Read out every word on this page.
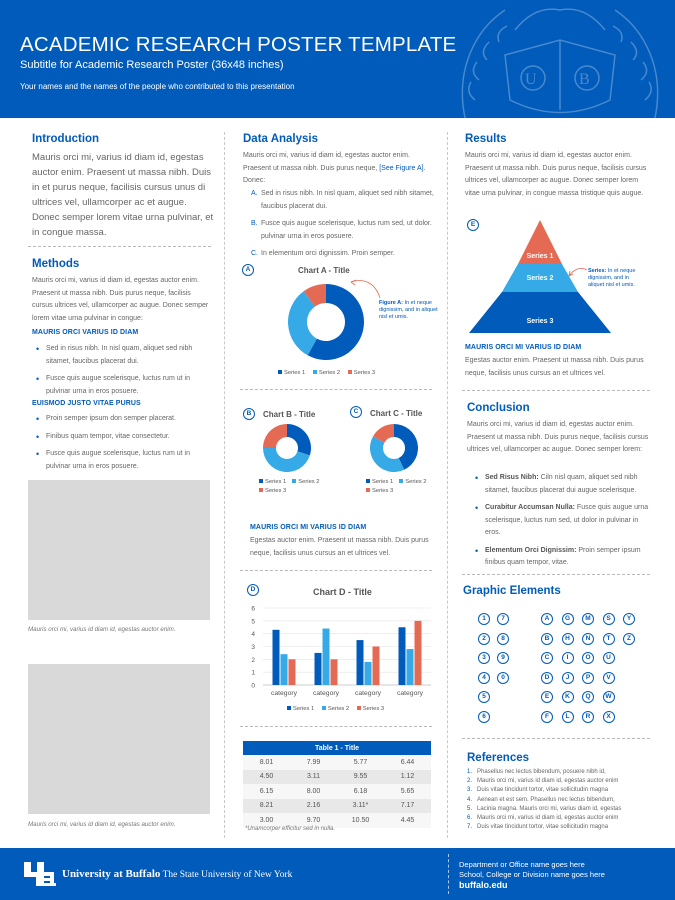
U	B
ACADEMIC RESEARCH POSTER TEMPLATE
Subtitle for Academic Research Poster (36x48 inches)
Your names and the names of the people who contributed to this presentation
Introduction

Mauris orci mi, varius id diam id, egestas auctor enim. Praesent ut massa nibh. Duis in et purus neque, facilisis cursus unus di ultrices vel, ullamcorper ac et augue. Donec semper lorem vitae urna pulvinar, et in congue massa.

Methods

Mauris orci mi, varius id diam id, egestas auctor enim. Praesent ut massa nibh. Duis purus neque, facilisis cursus ultrices vel, ullamcorper ac augue. Donec semper lorem vitae urna pulvinar in congue:

MAURIS ORCI VARIUS ID DIAM
• Sed in risus nibh. In nisl quam, aliquet sed nibh sitamet, faucibus placerat dui.
• Fusce quis augue scelerisque, luctus rum ut in pulvinar urna in eros posuere.
EUISMOD JUSTO VITAE PURUS
• Proin semper ipsum don semper placerat.
• Finibus quam tempor, vitae consectetur.
• Fusce quis augue scelerisque, luctus rum ut in pulvinar urna in eros posuere.
Mauris orci mi, varius id diam id, egestas auctor enim.
Mauris orci mi, varius id diam id, egestas auctor enim.
Data Analysis

Mauris orci mi, varius id diam id, egestas auctor enim. Praesent ut massa nibh. Duis purus neque, [See Figure A]. Donec:

A. Sed in risus nibh. In nisl quam, aliquet sed nibh sitamet, faucibus placerat dui.
B. Fusce quis augue scelerisque, luctus rum sed, ut dolor. pulvinar urna in eros posuere.
C. In elementum orci dignissim. Proin semper.
A	Chart A - Title
Figure A: In et neque dignissim, and in aliquet nisl et umis.
Series 1 Series 2 Series 3
B	Chart B - Title
Series 1 Series 2
Series 3
C	Chart C - Title
Series 1 Series 2
Series 3
MAURIS ORCI MI VARIUS ID DIAM

Egestas auctor enim. Praesent ut massa nibh. Duis purus neque, facilisis unus cursus an et ultrices vel.

D	Chart D - Title
0
1
2
3
4
5
6
category category category category
Series 1 Series 2 Series 3
Table 1 - Title			
8.01	7.99	5.77	6.44
4.50	3.11	9.55	1.12
6.15	8.00	6.18	5.65
8.21	2.16	3.11*	7.17
3.00	9.70	10.50	4.45
*Unamcorper efficitur sed in nulla.
Results

Mauris orci mi, varius id diam id, egestas auctor enim. Praesent ut massa nibh. Duis purus neque, facilisis cursus ultrices vel, ullamcorper ac augue. Donec semper lorem vitae urna pulvinar, in congue massa tristique quis augue.

E
Series 1
Series 2
Series 3
Series: In et neque dignissim, and in aliquet nisl et umis.
MAURIS ORCI MI VARIUS ID DIAM

Egestas auctor enim. Praesent ut massa nibh. Duis purus neque, facilisis unus cursus an et ultrices vel.

Conclusion

Mauris orci mi, varius id diam id, egestas auctor enim. Praesent ut massa nibh. Duis purus neque, facilisis cursus ultrices vel, ullamcorper ac augue. Donec semper lorem:

• Sed Risus Nibh: Ciln nisl quam, aliquet sed nibh sitamet, faucibus placerat dui augue scelerisque.
• Curabitur Accumsan Nulla: Fusce quis augue urna scelerisque, luctus rum sed, ut dolor in pulvinar in eros.
• Elementum Orci Dignissim: Proin semper ipsum finibus quam tempor, vitae.
Graphic Elements
1
2
3
4
5
6
7
8
9
0
A
B
C
D
E
F
G
H
I
J
K
L
M
N
O
P
Q
R
S
T
U
V
W
X
Y
Z
References
1. Phasellus nec lectus bibendum, posuere nibh id,
2. Mauris orci mi, varius id diam id, egestas auctor enim
3. Duis vitae tincidunt tortor, vitae sollicitudin magna
4. Aenean et est sem. Phasellus nec lectus bibendum,
5. Lacinia magna. Mauris orci mi, varius diam id, egestas
6. Mauris orci mi, varius id diam id, egestas auctor enim
7. Duis vitae tincidunt tortor, vitae sollicitudin magna
University at Buffalo The State University of New York
Department or Office name goes here
School, College or Division name goes here
buffalo.edu
